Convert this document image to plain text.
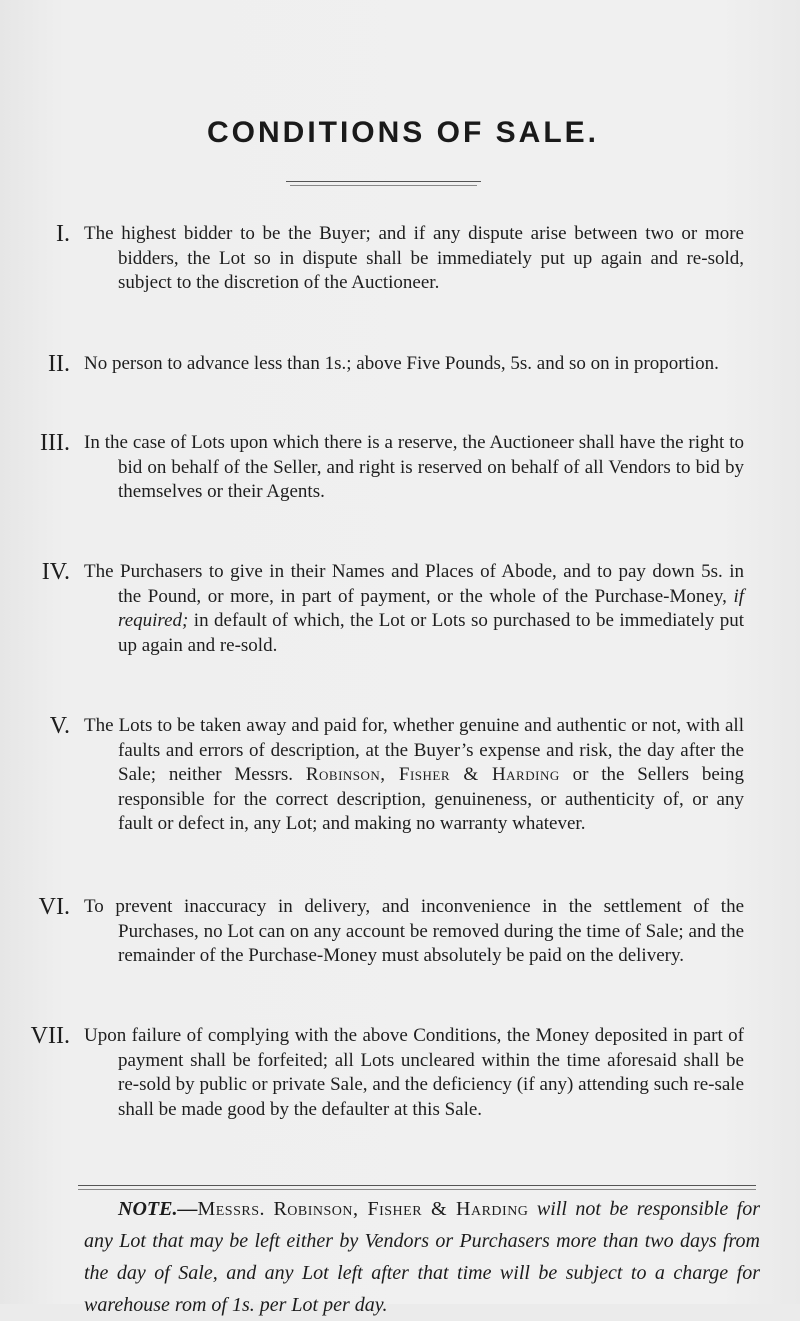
CONDITIONS OF SALE.
I. The highest bidder to be the Buyer; and if any dispute arise between two or more bidders, the Lot so in dispute shall be immediately put up again and re-sold, subject to the discretion of the Auctioneer.
II. No person to advance less than 1s.; above Five Pounds, 5s. and so on in proportion.
III. In the case of Lots upon which there is a reserve, the Auctioneer shall have the right to bid on behalf of the Seller, and right is reserved on behalf of all Vendors to bid by themselves or their Agents.
IV. The Purchasers to give in their Names and Places of Abode, and to pay down 5s. in the Pound, or more, in part of payment, or the whole of the Purchase-Money, if required; in default of which, the Lot or Lots so purchased to be immediately put up again and re-sold.
V. The Lots to be taken away and paid for, whether genuine and authentic or not, with all faults and errors of description, at the Buyer’s expense and risk, the day after the Sale; neither Messrs. Robinson, Fisher & Harding or the Sellers being responsible for the correct description, genuineness, or authenticity of, or any fault or defect in, any Lot; and making no warranty whatever.
VI. To prevent inaccuracy in delivery, and inconvenience in the settlement of the Purchases, no Lot can on any account be removed during the time of Sale; and the remainder of the Purchase-Money must absolutely be paid on the delivery.
VII. Upon failure of complying with the above Conditions, the Money deposited in part of payment shall be forfeited; all Lots uncleared within the time aforesaid shall be re-sold by public or private Sale, and the deficiency (if any) attending such re-sale shall be made good by the defaulter at this Sale.
NOTE.—Messrs. Robinson, Fisher & Harding will not be responsible for any Lot that may be left either by Vendors or Purchasers more than two days from the day of Sale, and any Lot left after that time will be subject to a charge for warehouse rom of 1s. per Lot per day.
